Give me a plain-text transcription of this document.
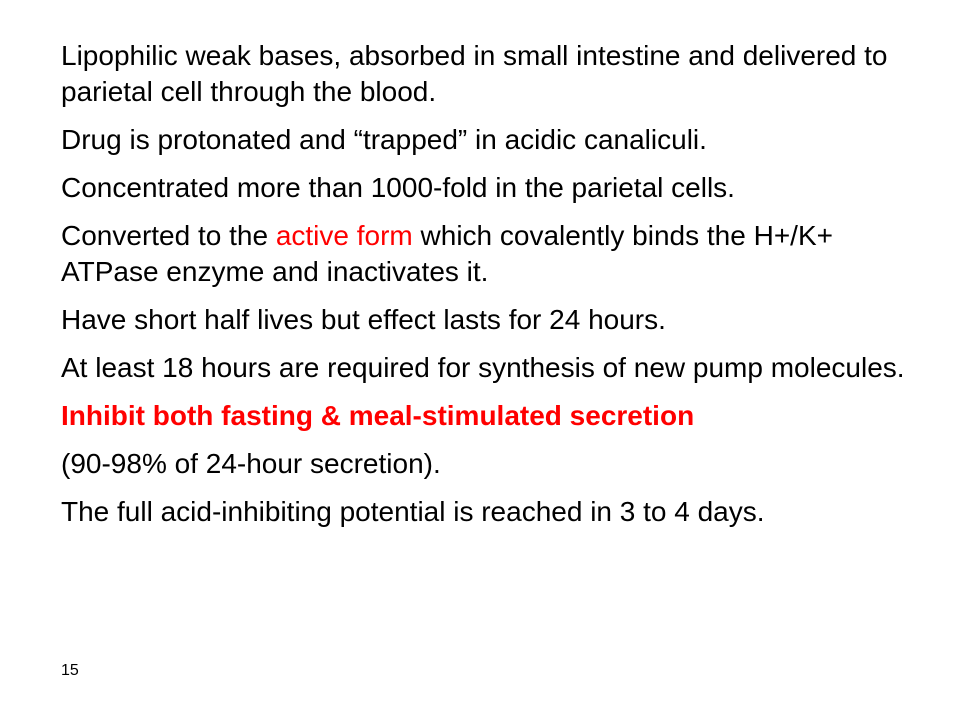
Lipophilic weak bases, absorbed in small intestine and delivered to parietal cell through the blood.

Drug is protonated and “trapped” in acidic canaliculi.

Concentrated more than 1000-fold in the parietal cells.

Converted to the active form which covalently binds the H+/K+ ATPase enzyme and inactivates it.

Have short half lives but effect lasts for 24 hours.

At least 18 hours are required for synthesis of new pump molecules.

Inhibit both fasting & meal-stimulated secretion

(90-98% of 24-hour secretion).

The full acid-inhibiting potential is reached in 3 to 4 days.

15
